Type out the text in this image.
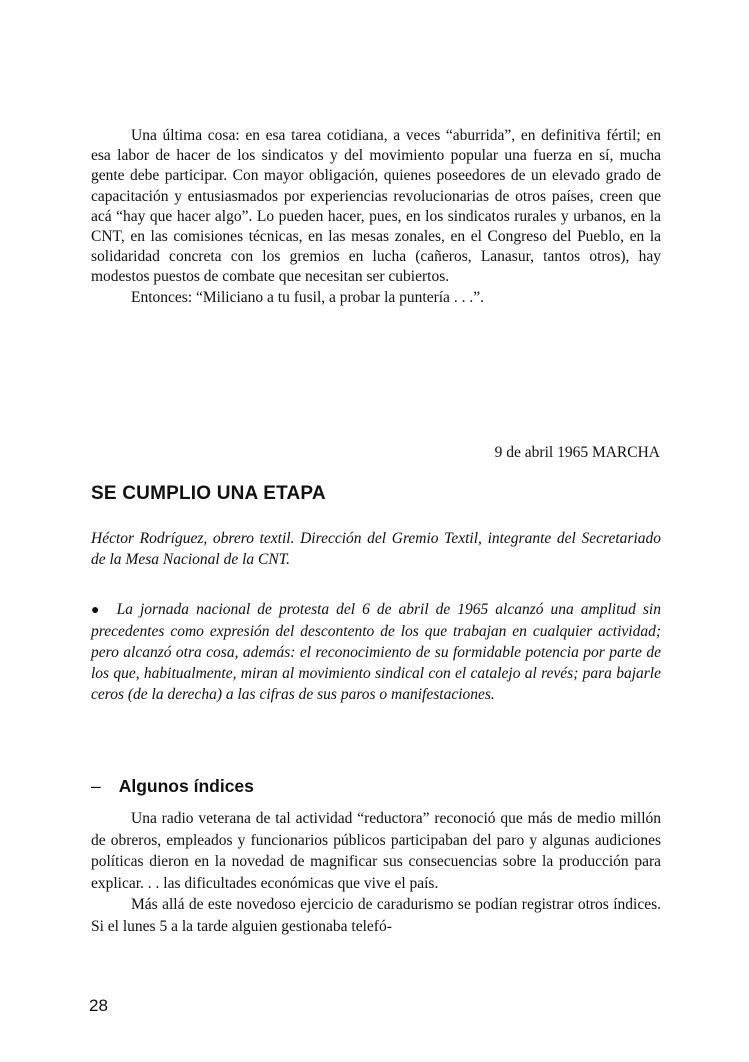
Una última cosa: en esa tarea cotidiana, a veces “aburrida”, en definitiva fértil; en esa labor de hacer de los sindicatos y del movimiento popular una fuerza en sí, mucha gente debe participar. Con mayor obligación, quienes poseedores de un elevado grado de capacitación y entusiasmados por experiencias revolucionarias de otros países, creen que acá “hay que hacer algo”. Lo pueden hacer, pues, en los sindicatos rurales y urbanos, en la CNT, en las comisiones técnicas, en las mesas zonales, en el Congreso del Pueblo, en la solidaridad concreta con los gremios en lucha (cañeros, Lanasur, tantos otros), hay modestos puestos de combate que necesitan ser cubiertos.

Entonces: “Miliciano a tu fusil, a probar la puntería . . .”.

9 de abril 1965 MARCHA
SE CUMPLIO UNA ETAPA
Héctor Rodríguez, obrero textil. Dirección del Gremio Textil, integrante del Secretariado de la Mesa Nacional de la CNT.

● La jornada nacional de protesta del 6 de abril de 1965 alcanzó una amplitud sin precedentes como expresión del descontento de los que trabajan en cualquier actividad; pero alcanzó otra cosa, además: el reconocimiento de su formidable potencia por parte de los que, habitualmente, miran al movimiento sindical con el catalejo al revés; para bajarle ceros (de la derecha) a las cifras de sus paros o manifestaciones.

– Algunos índices

Una radio veterana de tal actividad “reductora” reconoció que más de medio millón de obreros, empleados y funcionarios públicos participaban del paro y algunas audiciones políticas dieron en la novedad de magnificar sus consecuencias sobre la producción para explicar. . . las dificultades económicas que vive el país.

Más allá de este novedoso ejercicio de caradurismo se podían registrar otros índices. Si el lunes 5 a la tarde alguien gestionaba telefó-

28
